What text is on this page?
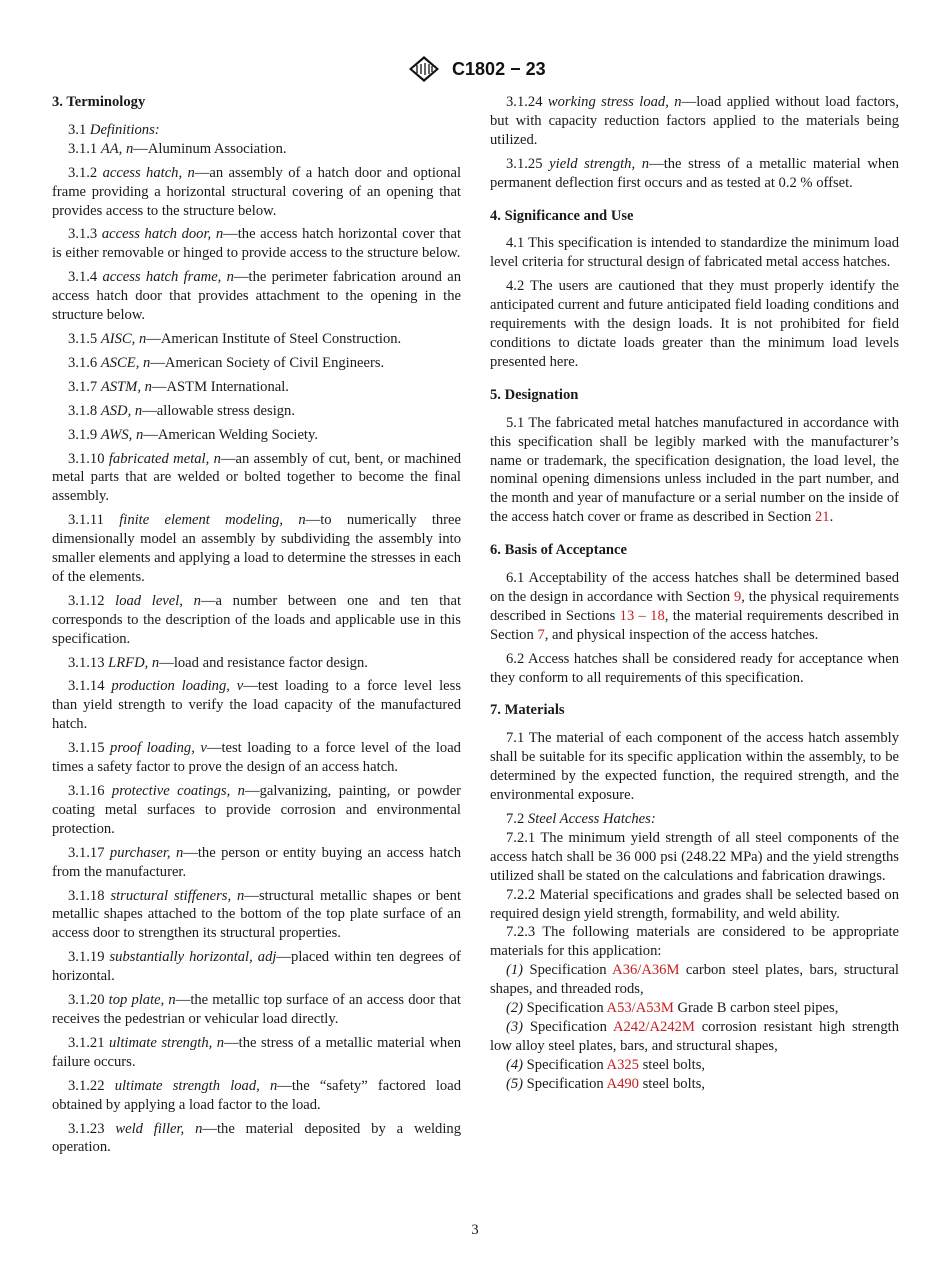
C1802 − 23
3. Terminology
3.1 Definitions:
3.1.1 AA, n—Aluminum Association.
3.1.2 access hatch, n—an assembly of a hatch door and optional frame providing a horizontal structural covering of an opening that provides access to the structure below.
3.1.3 access hatch door, n—the access hatch horizontal cover that is either removable or hinged to provide access to the structure below.
3.1.4 access hatch frame, n—the perimeter fabrication around an access hatch door that provides attachment to the opening in the structure below.
3.1.5 AISC, n—American Institute of Steel Construction.
3.1.6 ASCE, n—American Society of Civil Engineers.
3.1.7 ASTM, n—ASTM International.
3.1.8 ASD, n—allowable stress design.
3.1.9 AWS, n—American Welding Society.
3.1.10 fabricated metal, n—an assembly of cut, bent, or machined metal parts that are welded or bolted together to become the final assembly.
3.1.11 finite element modeling, n—to numerically three dimensionally model an assembly by subdividing the assembly into smaller elements and applying a load to determine the stresses in each of the elements.
3.1.12 load level, n—a number between one and ten that corresponds to the description of the loads and applicable use in this specification.
3.1.13 LRFD, n—load and resistance factor design.
3.1.14 production loading, v—test loading to a force level less than yield strength to verify the load capacity of the manufactured hatch.
3.1.15 proof loading, v—test loading to a force level of the load times a safety factor to prove the design of an access hatch.
3.1.16 protective coatings, n—galvanizing, painting, or powder coating metal surfaces to provide corrosion and environmental protection.
3.1.17 purchaser, n—the person or entity buying an access hatch from the manufacturer.
3.1.18 structural stiffeners, n—structural metallic shapes or bent metallic shapes attached to the bottom of the top plate surface of an access door to strengthen its structural properties.
3.1.19 substantially horizontal, adj—placed within ten degrees of horizontal.
3.1.20 top plate, n—the metallic top surface of an access door that receives the pedestrian or vehicular load directly.
3.1.21 ultimate strength, n—the stress of a metallic material when failure occurs.
3.1.22 ultimate strength load, n—the “safety” factored load obtained by applying a load factor to the load.
3.1.23 weld filler, n—the material deposited by a welding operation.
3.1.24 working stress load, n—load applied without load factors, but with capacity reduction factors applied to the materials being utilized.
3.1.25 yield strength, n—the stress of a metallic material when permanent deflection first occurs and as tested at 0.2 % offset.
4. Significance and Use
4.1 This specification is intended to standardize the minimum load level criteria for structural design of fabricated metal access hatches.
4.2 The users are cautioned that they must properly identify the anticipated current and future anticipated field loading conditions and requirements with the design loads. It is not prohibited for field conditions to dictate loads greater than the minimum load levels presented here.
5. Designation
5.1 The fabricated metal hatches manufactured in accordance with this specification shall be legibly marked with the manufacturer’s name or trademark, the specification designation, the load level, the nominal opening dimensions unless included in the part number, and the month and year of manufacture or a serial number on the inside of the access hatch cover or frame as described in Section 21.
6. Basis of Acceptance
6.1 Acceptability of the access hatches shall be determined based on the design in accordance with Section 9, the physical requirements described in Sections 13 – 18, the material requirements described in Section 7, and physical inspection of the access hatches.
6.2 Access hatches shall be considered ready for acceptance when they conform to all requirements of this specification.
7. Materials
7.1 The material of each component of the access hatch assembly shall be suitable for its specific application within the assembly, to be determined by the expected function, the required strength, and the environmental exposure.
7.2 Steel Access Hatches:
7.2.1 The minimum yield strength of all steel components of the access hatch shall be 36 000 psi (248.22 MPa) and the yield strengths utilized shall be stated on the calculations and fabrication drawings.
7.2.2 Material specifications and grades shall be selected based on required design yield strength, formability, and weld ability.
7.2.3 The following materials are considered to be appropriate materials for this application:
(1) Specification A36/A36M carbon steel plates, bars, structural shapes, and threaded rods,
(2) Specification A53/A53M Grade B carbon steel pipes,
(3) Specification A242/A242M corrosion resistant high strength low alloy steel plates, bars, and structural shapes,
(4) Specification A325 steel bolts,
(5) Specification A490 steel bolts,
3
